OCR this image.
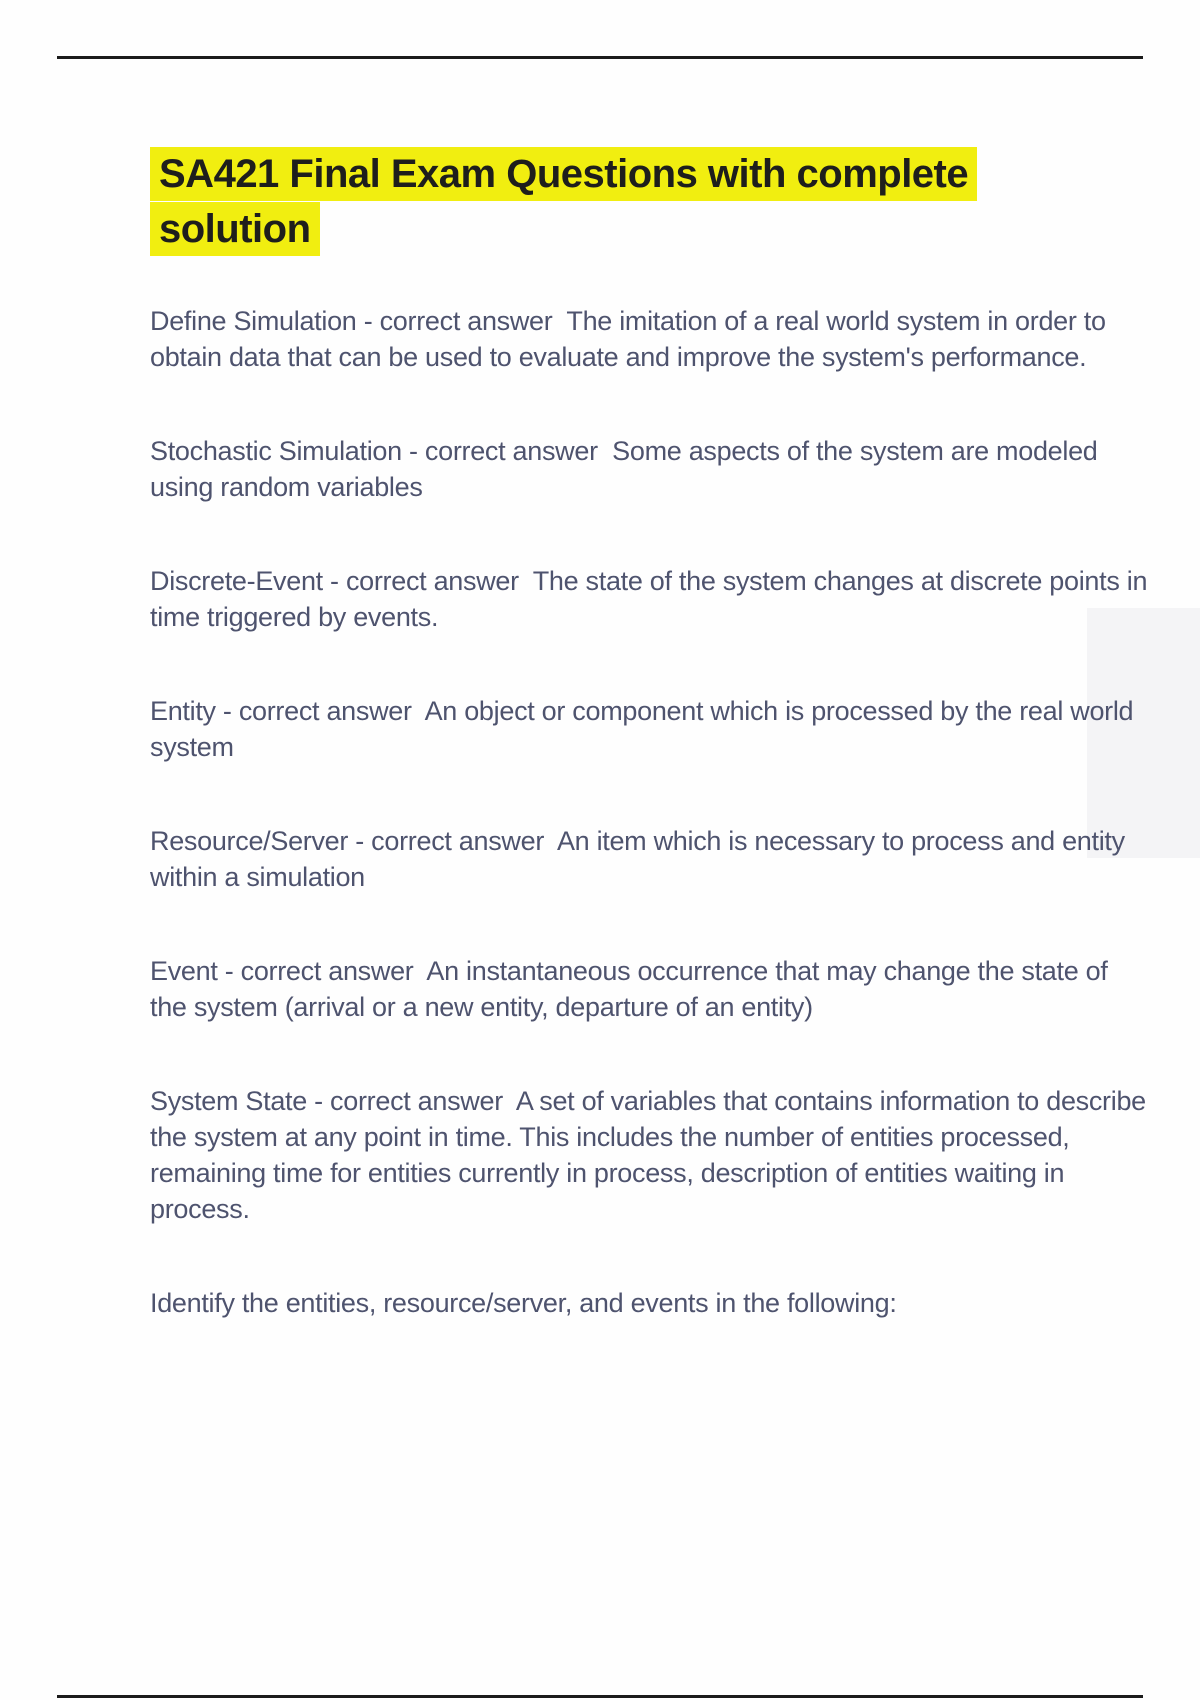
SA421 Final Exam Questions with complete solution

Define Simulation - correct answer  The imitation of a real world system in order to obtain data that can be used to evaluate and improve the system's performance.

Stochastic Simulation - correct answer  Some aspects of the system are modeled using random variables

Discrete-Event - correct answer  The state of the system changes at discrete points in time triggered by events.

Entity - correct answer  An object or component which is processed by the real world system

Resource/Server - correct answer  An item which is necessary to process and entity within a simulation

Event - correct answer  An instantaneous occurrence that may change the state of the system (arrival or a new entity, departure of an entity)

System State - correct answer  A set of variables that contains information to describe the system at any point in time. This includes the number of entities processed, remaining time for entities currently in process, description of entities waiting in process.

Identify the entities, resource/server, and events in the following:
